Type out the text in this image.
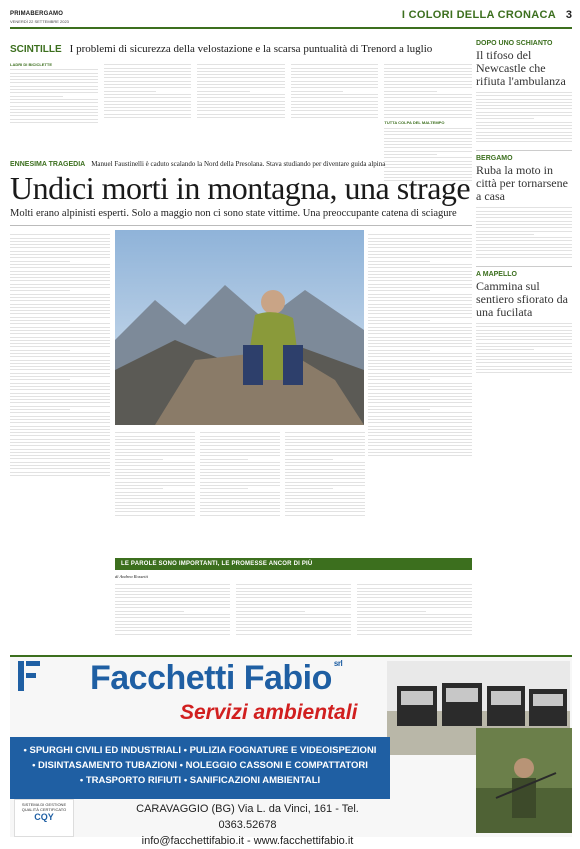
PRIMABERGAMO
VENERDÌ 22 SETTEMBRE 2023
I COLORI DELLA CRONACA 3
SCINTILLE I problemi di sicurezza della velostazione e la scarsa puntualità di Trenord a luglio
LADRI DI BICICLETTE
TUTTA COLPA DEL MALTEMPO
ENNESIMA TRAGEDIA Manuel Faustinelli è caduto scalando la Nord della Presolana. Stava studiando per diventare guida alpina
Undici morti in montagna, una strage
Molti erano alpinisti esperti. Solo a maggio non ci sono state vittime. Una preoccupante catena di sciagure
DOPO UNO SCHIANTO
Il tifoso del Newcastle che rifiuta l'ambulanza
BERGAMO
Ruba la moto in città per tornarsene a casa
A MAPELLO
Cammina sul sentiero sfiorato da una fucilata
LE PAROLE SONO IMPORTANTI, LE PROMESSE ANCOR DI PIÙ
di Andrea Rossetti
Facchetti Fabio $^{srl}$
Servizi ambientali
• SPURGHI CIVILI ED INDUSTRIALI • PULIZIA FOGNATURE E VIDEOISPEZIONI
• DISINTASAMENTO TUBAZIONI • NOLEGGIO CASSONI E COMPATTATORI
• TRASPORTO RIFIUTI • SANIFICAZIONI AMBIENTALI
SISTEMA DI GESTIONE QUALITÀ CERTIFICATO
CQY
CARAVAGGIO (BG) Via L. da Vinci, 161 - Tel. 0363.52678
info@facchettifabio.it - www.facchettifabio.it
